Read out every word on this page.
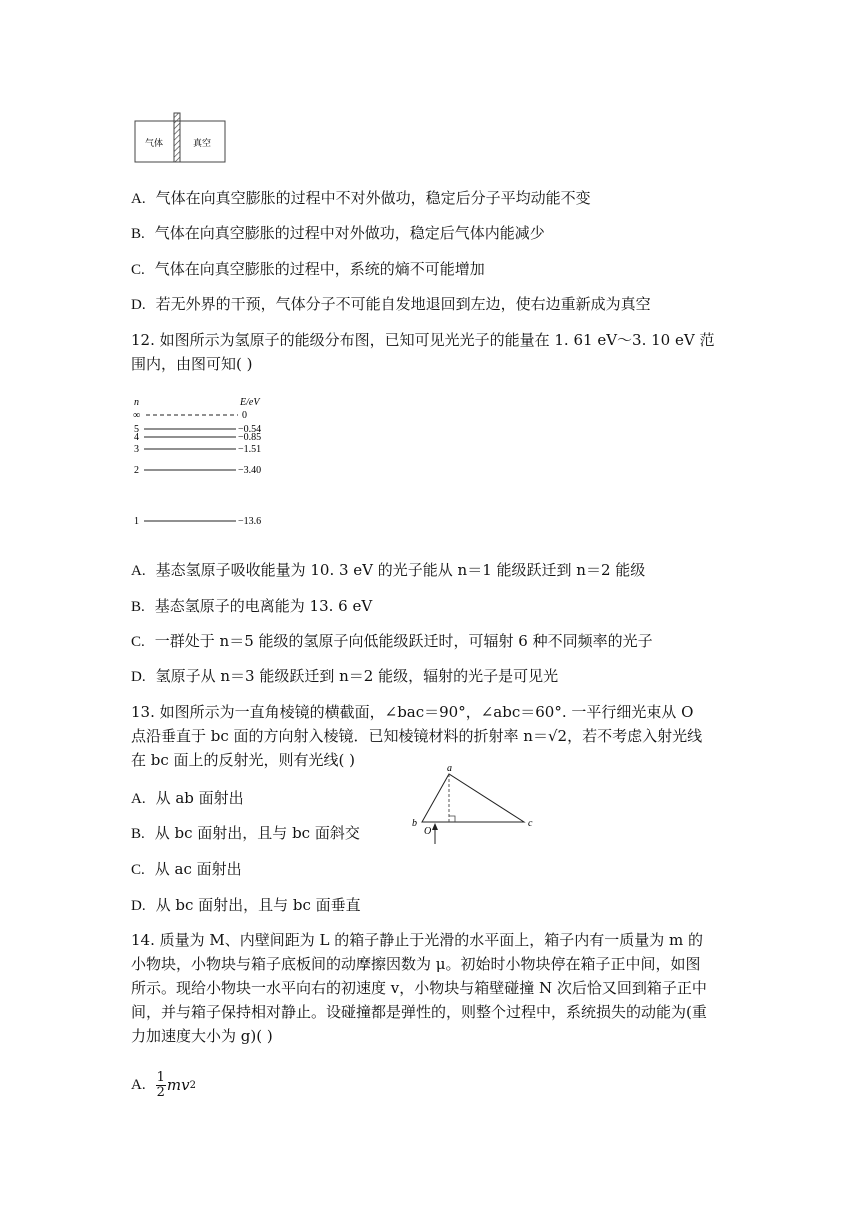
气体	真空
A. 气体在向真空膨胀的过程中不对外做功，稳定后分子平均动能不变
B. 气体在向真空膨胀的过程中对外做功，稳定后气体内能减少
C. 气体在向真空膨胀的过程中，系统的熵不可能增加
D. 若无外界的干预，气体分子不可能自发地退回到左边，使右边重新成为真空
12. 如图所示为氢原子的能级分布图，已知可见光光子的能量在 1. 61 eV～3. 10 eV 范
围内，由图可知( )
n	E/eV
∞	0
5	−0.54
4	−0.85
3	−1.51
2	−3.40
1	−13.6
A. 基态氢原子吸收能量为 10. 3 eV 的光子能从 n＝1 能级跃迁到 n＝2 能级
B. 基态氢原子的电离能为 13. 6 eV
C. 一群处于 n＝5 能级的氢原子向低能级跃迁时，可辐射 6 种不同频率的光子
D. 氢原子从 n＝3 能级跃迁到 n＝2 能级，辐射的光子是可见光
13. 如图所示为一直角棱镜的横截面，∠bac＝90°，∠abc＝60°. 一平行细光束从 O
点沿垂直于 bc 面的方向射入棱镜．已知棱镜材料的折射率 n＝√2，若不考虑入射光线
在 bc 面上的反射光，则有光线( )	a
b	c
O
A. 从 ab 面射出
B. 从 bc 面射出，且与 bc 面斜交
C. 从 ac 面射出
D. 从 bc 面射出，且与 bc 面垂直
14. 质量为 M、内壁间距为 L 的箱子静止于光滑的水平面上，箱子内有一质量为 m 的
小物块，小物块与箱子底板间的动摩擦因数为 μ。初始时小物块停在箱子正中间，如图
所示。现给小物块一水平向右的初速度 v，小物块与箱壁碰撞 N 次后恰又回到箱子正中
间，并与箱子保持相对静止。设碰撞都是弹性的，则整个过程中，系统损失的动能为(重
力加速度大小为 g)( )
A. $\frac{1}{2}$ mv 2
